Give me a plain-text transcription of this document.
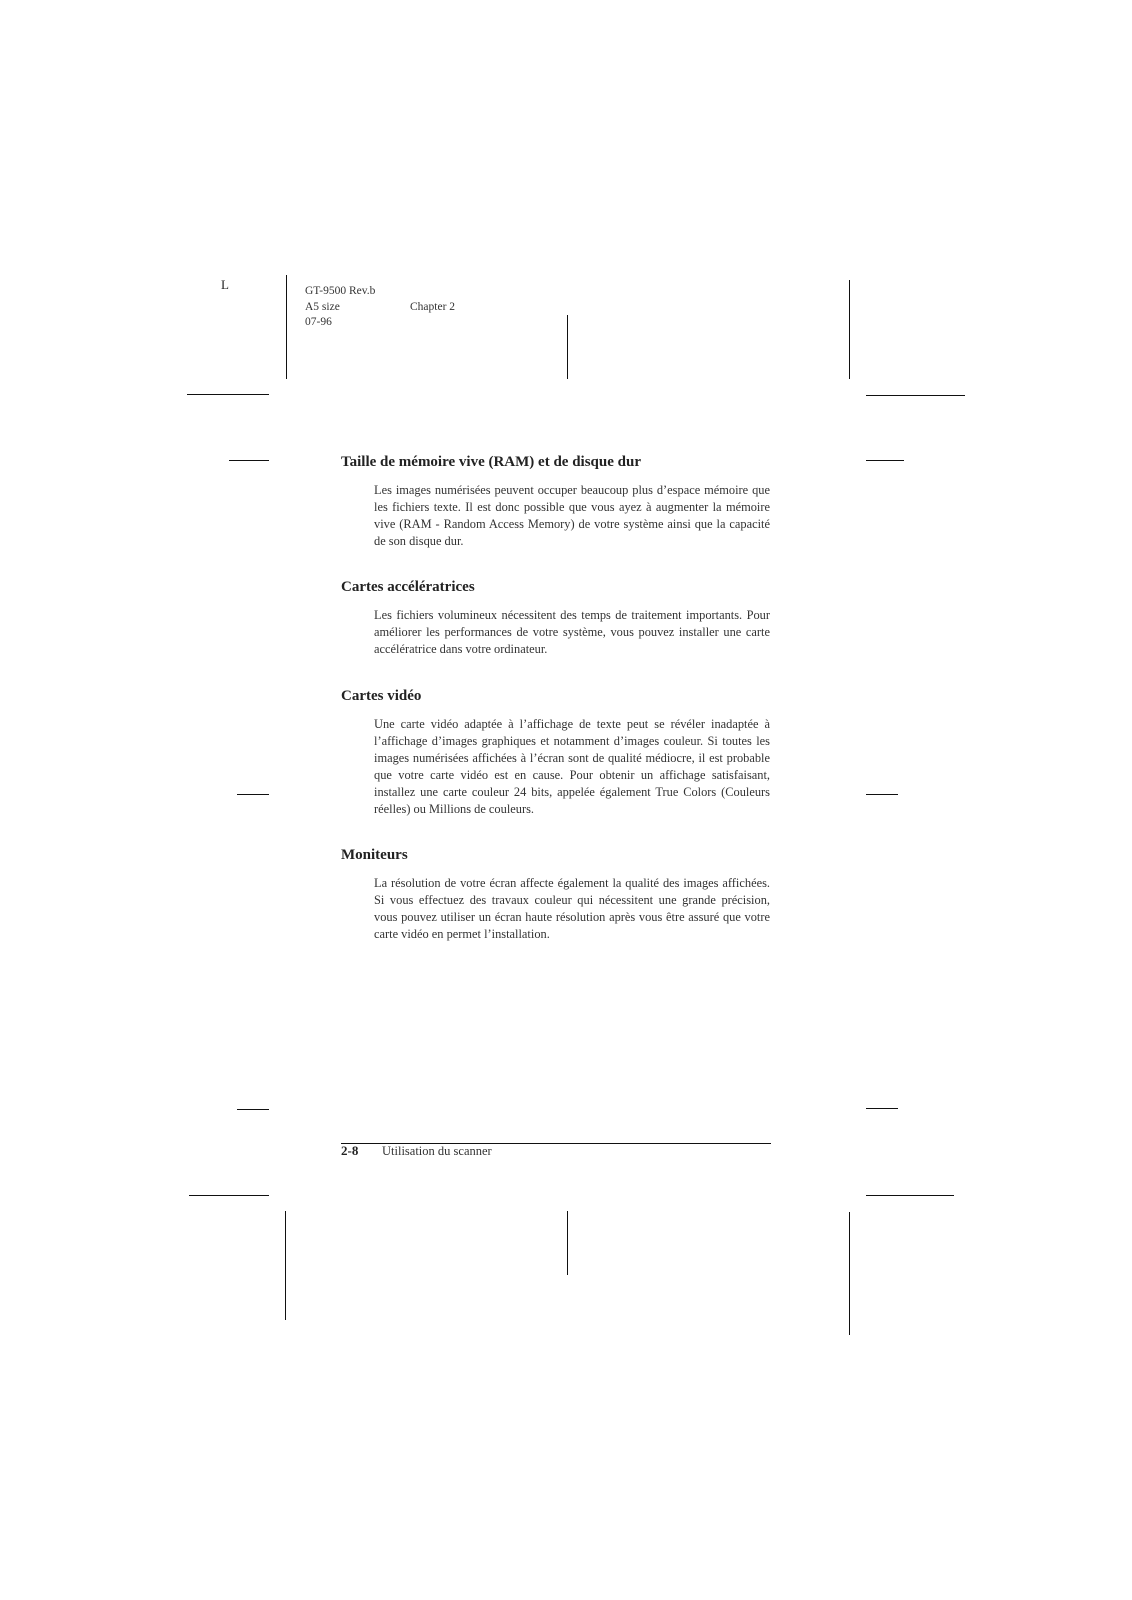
L	GT-9500 Rev.b
A5 size	Chapter 2
07-96
Taille de mémoire vive (RAM) et de disque dur

Les images numérisées peuvent occuper beaucoup plus d’espace mémoire que les fichiers texte. Il est donc possible que vous ayez à augmenter la mémoire vive (RAM - Random Access Memory) de votre système ainsi que la capacité de son disque dur.

Cartes accélératrices

Les fichiers volumineux nécessitent des temps de traitement importants. Pour améliorer les performances de votre système, vous pouvez installer une carte accélératrice dans votre ordinateur.

Cartes vidéo

Une carte vidéo adaptée à l’affichage de texte peut se révéler inadaptée à l’affichage d’images graphiques et notamment d’images couleur. Si toutes les images numérisées affichées à l’écran sont de qualité médiocre, il est probable que votre carte vidéo est en cause. Pour obtenir un affichage satisfaisant, installez une carte couleur 24 bits, appelée également True Colors (Couleurs réelles) ou Millions de couleurs.

Moniteurs

La résolution de votre écran affecte également la qualité des images affichées. Si vous effectuez des travaux couleur qui nécessitent une grande précision, vous pouvez utiliser un écran haute résolution après vous être assuré que votre carte vidéo en permet l’installation.

2-8 Utilisation du scanner
